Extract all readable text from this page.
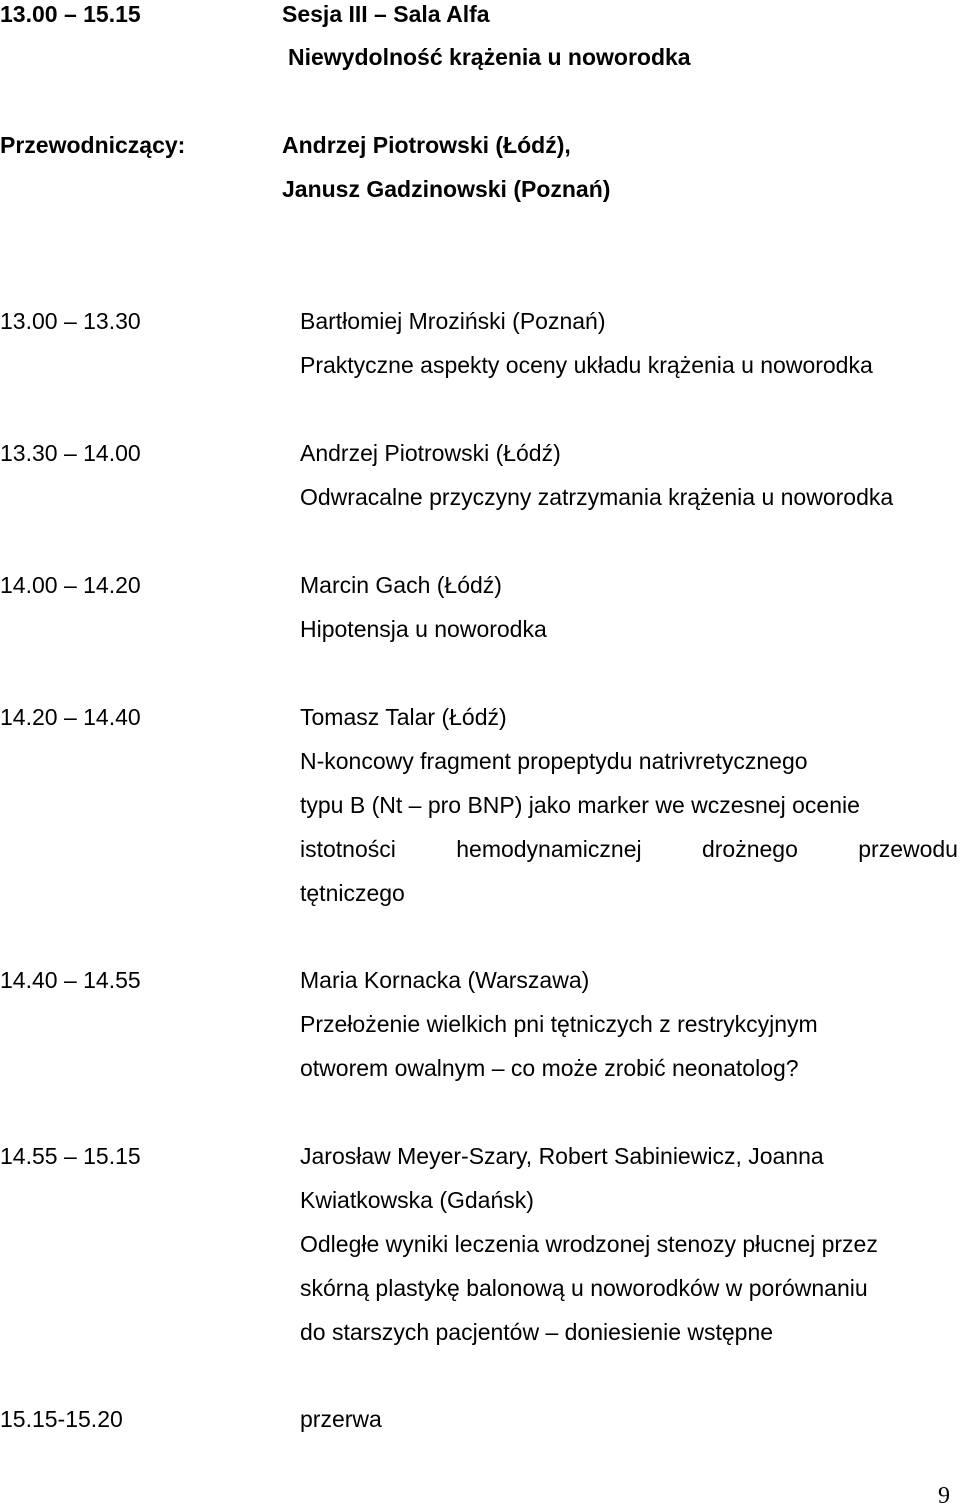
13.00 – 15.15	Sesja III – Sala Alfa
Niewydolność krążenia u noworodka
Przewodniczący:	Andrzej Piotrowski (Łódź),
Janusz Gadzinowski (Poznań)
13.00 – 13.30	Bartłomiej Mroziński (Poznań)
Praktyczne aspekty oceny układu krążenia u noworodka
13.30 – 14.00	Andrzej Piotrowski (Łódź)
Odwracalne przyczyny zatrzymania krążenia u noworodka
14.00 – 14.20	Marcin Gach (Łódź)
Hipotensja u noworodka
14.20 – 14.40	Tomasz Talar (Łódź)
N-koncowy fragment propeptydu natrivretycznego
typu B (Nt – pro BNP) jako marker we wczesnej ocenie
istotności	hemodynamicznej	drożnego	przewodu
tętniczego
14.40 – 14.55	Maria Kornacka (Warszawa)
Przełożenie wielkich pni tętniczych z restrykcyjnym
otworem owalnym – co może zrobić neonatolog?
14.55 – 15.15	Jarosław Meyer-Szary, Robert Sabiniewicz, Joanna
Kwiatkowska (Gdańsk)
Odległe wyniki leczenia wrodzonej stenozy płucnej przez
skórną plastykę balonową u noworodków w porównaniu
do starszych pacjentów – doniesienie wstępne
15.15-15.20	przerwa
9
